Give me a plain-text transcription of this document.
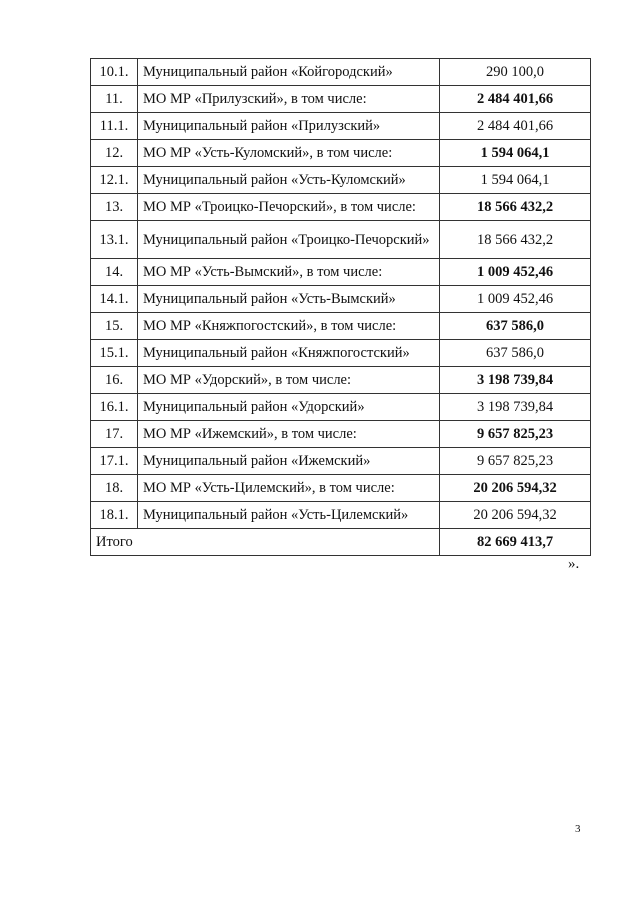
10.1.	Муниципальный район «Койгородский»	290 100,0
11.	МО МР «Прилузский», в том числе:	2 484 401,66
11.1.	Муниципальный район «Прилузский»	2 484 401,66
12.	МО МР «Усть-Куломский», в том числе:	1 594 064,1
12.1.	Муниципальный район «Усть-Куломский»	1 594 064,1
13.	МО МР «Троицко-Печорский», в том числе:	18 566 432,2
13.1.	Муниципальный район «Троицко-Печорский»	18 566 432,2
14.	МО МР «Усть-Вымский», в том числе:	1 009 452,46
14.1.	Муниципальный район «Усть-Вымский»	1 009 452,46
15.	МО МР «Княжпогостский», в том числе:	637 586,0
15.1.	Муниципальный район «Княжпогостский»	637 586,0
16.	МО МР «Удорский», в том числе:	3 198 739,84
16.1.	Муниципальный район «Удорский»	3 198 739,84
17.	МО МР «Ижемский», в том числе:	9 657 825,23
17.1.	Муниципальный район «Ижемский»	9 657 825,23
18.	МО МР «Усть-Цилемский», в том числе:	20 206 594,32
18.1.	Муниципальный район «Усть-Цилемский»	20 206 594,32
Итого		82 669 413,7
».
3
